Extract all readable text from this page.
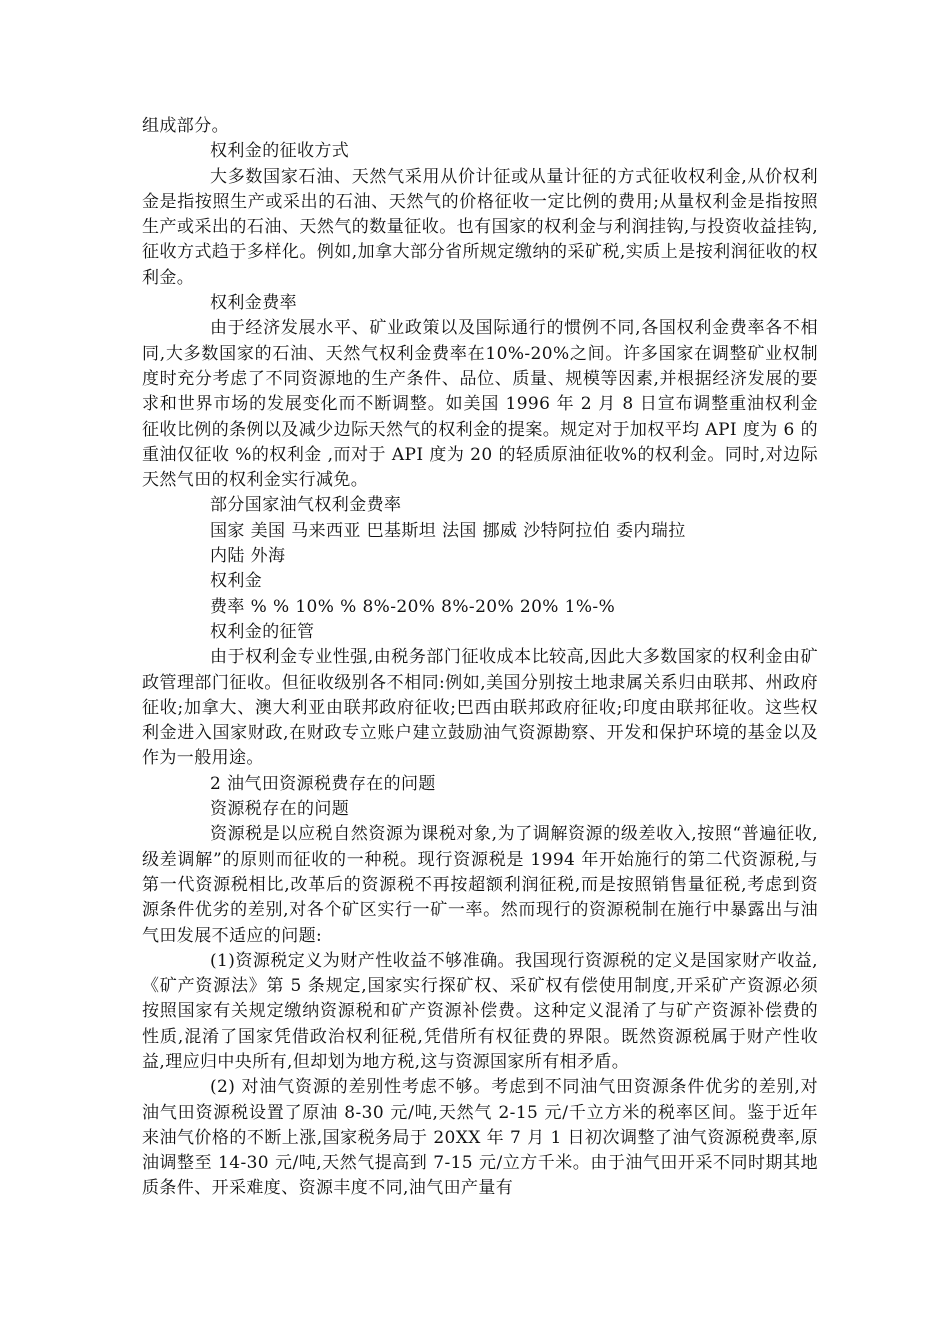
组成部分。

权利金的征收方式

大多数国家石油、天然气采用从价计征或从量计征的方式征收权利金,从价权利金是指按照生产或采出的石油、天然气的价格征收一定比例的费用;从量权利金是指按照生产或采出的石油、天然气的数量征收。也有国家的权利金与利润挂钩,与投资收益挂钩,征收方式趋于多样化。例如,加拿大部分省所规定缴纳的采矿税,实质上是按利润征收的权利金。

权利金费率

由于经济发展水平、矿业政策以及国际通行的惯例不同,各国权利金费率各不相同,大多数国家的石油、天然气权利金费率在10%-20%之间。许多国家在调整矿业权制度时充分考虑了不同资源地的生产条件、品位、质量、规模等因素,并根据经济发展的要求和世界市场的发展变化而不断调整。如美国 1996 年 2 月 8 日宣布调整重油权利金征收比例的条例以及减少边际天然气的权利金的提案。规定对于加权平均 API 度为 6 的重油仅征收 %的权利金 ,而对于 API 度为 20 的轻质原油征收%的权利金。同时,对边际天然气田的权利金实行减免。

部分国家油气权利金费率

国家 美国 马来西亚 巴基斯坦 法国 挪威 沙特阿拉伯 委内瑞拉

内陆 外海

权利金

费率 % % 10% % 8%-20% 8%-20% 20% 1%-%

权利金的征管

由于权利金专业性强,由税务部门征收成本比较高,因此大多数国家的权利金由矿政管理部门征收。但征收级别各不相同:例如,美国分别按土地隶属关系归由联邦、州政府征收;加拿大、澳大利亚由联邦政府征收;巴西由联邦政府征收;印度由联邦征收。这些权利金进入国家财政,在财政专立账户建立鼓励油气资源勘察、开发和保护环境的基金以及作为一般用途。

2 油气田资源税费存在的问题

资源税存在的问题

资源税是以应税自然资源为课税对象,为了调解资源的级差收入,按照“普遍征收,级差调解”的原则而征收的一种税。现行资源税是 1994 年开始施行的第二代资源税,与第一代资源税相比,改革后的资源税不再按超额利润征税,而是按照销售量征税,考虑到资源条件优劣的差别,对各个矿区实行一矿一率。然而现行的资源税制在施行中暴露出与油气田发展不适应的问题:

(1)资源税定义为财产性收益不够准确。我国现行资源税的定义是国家财产收益,《矿产资源法》第 5 条规定,国家实行探矿权、采矿权有偿使用制度,开采矿产资源必须按照国家有关规定缴纳资源税和矿产资源补偿费。这种定义混淆了与矿产资源补偿费的性质,混淆了国家凭借政治权利征税,凭借所有权征费的界限。既然资源税属于财产性收益,理应归中央所有,但却划为地方税,这与资源国家所有相矛盾。

(2) 对油气资源的差别性考虑不够。考虑到不同油气田资源条件优劣的差别,对油气田资源税设置了原油 8-30 元/吨,天然气 2-15 元/千立方米的税率区间。鉴于近年来油气价格的不断上涨,国家税务局于 20XX 年 7 月 1 日初次调整了油气资源税费率,原油调整至 14-30 元/吨,天然气提高到 7-15 元/立方千米。由于油气田开采不同时期其地质条件、开采难度、资源丰度不同,油气田产量有
